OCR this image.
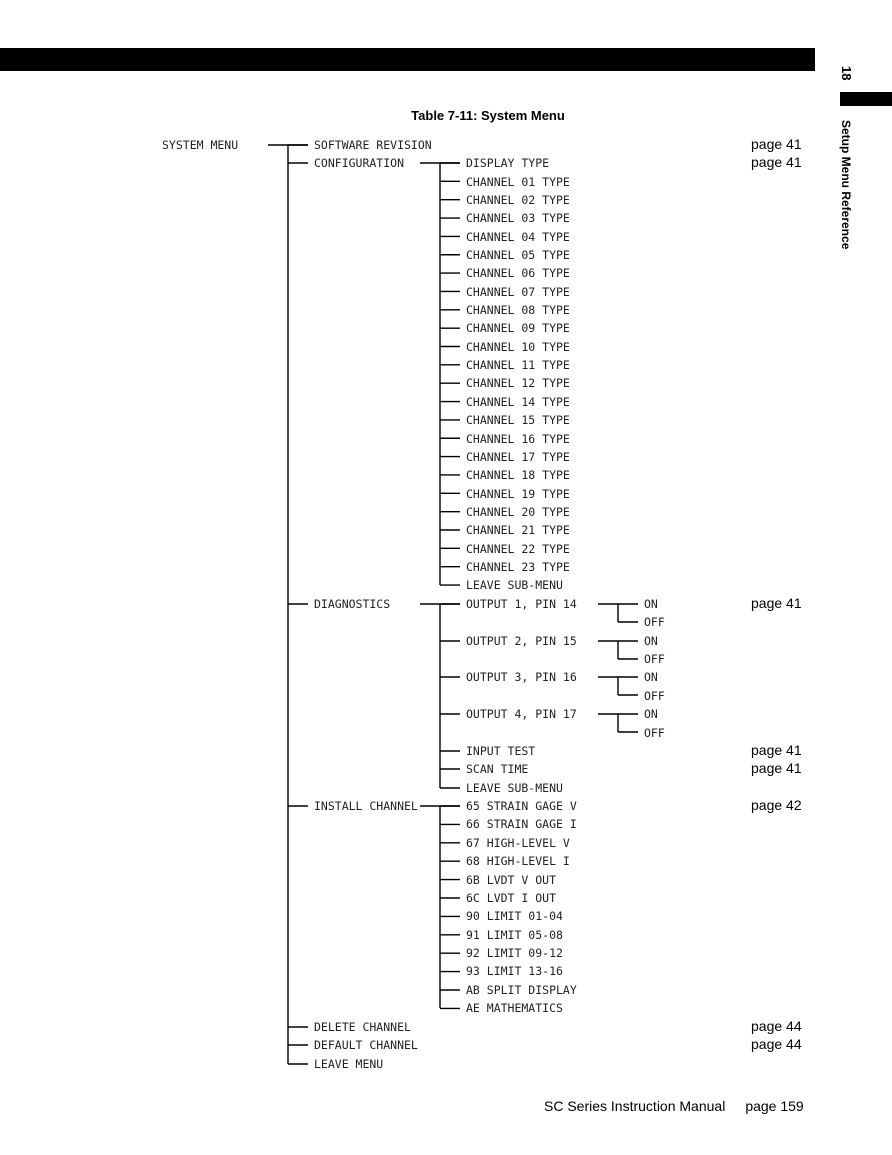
18
Setup Menu Reference
Table 7-11: System Menu
SYSTEM MENU	SOFTWARE REVISION
CONFIGURATION
DIAGNOSTICS
INSTALL CHANNEL
DELETE CHANNEL
DEFAULT CHANNEL
LEAVE MENU
DISPLAY TYPE
CHANNEL 01 TYPE
CHANNEL 02 TYPE
CHANNEL 03 TYPE
CHANNEL 04 TYPE
CHANNEL 05 TYPE
CHANNEL 06 TYPE
CHANNEL 07 TYPE
CHANNEL 08 TYPE
CHANNEL 09 TYPE
CHANNEL 10 TYPE
CHANNEL 11 TYPE
CHANNEL 12 TYPE
CHANNEL 14 TYPE
CHANNEL 15 TYPE
CHANNEL 16 TYPE
CHANNEL 17 TYPE
CHANNEL 18 TYPE
CHANNEL 19 TYPE
CHANNEL 20 TYPE
CHANNEL 21 TYPE
CHANNEL 22 TYPE
CHANNEL 23 TYPE
LEAVE SUB-MENU
OUTPUT 1, PIN 14
OUTPUT 2, PIN 15
OUTPUT 3, PIN 16
OUTPUT 4, PIN 17
INPUT TEST
SCAN TIME
LEAVE SUB-MENU
ON
OFF
ON
OFF
ON
OFF
ON
OFF
65 STRAIN GAGE V
66 STRAIN GAGE I
67 HIGH-LEVEL V
68 HIGH-LEVEL I
6B LVDT V OUT
6C LVDT I OUT
90 LIMIT 01-04
91 LIMIT 05-08
92 LIMIT 09-12
93 LIMIT 13-16
AB SPLIT DISPLAY
AE MATHEMATICS
page 41
page 41
page 41
page 41
page 41
page 42
page 44
page 44
SC Series Instruction Manual page 159
